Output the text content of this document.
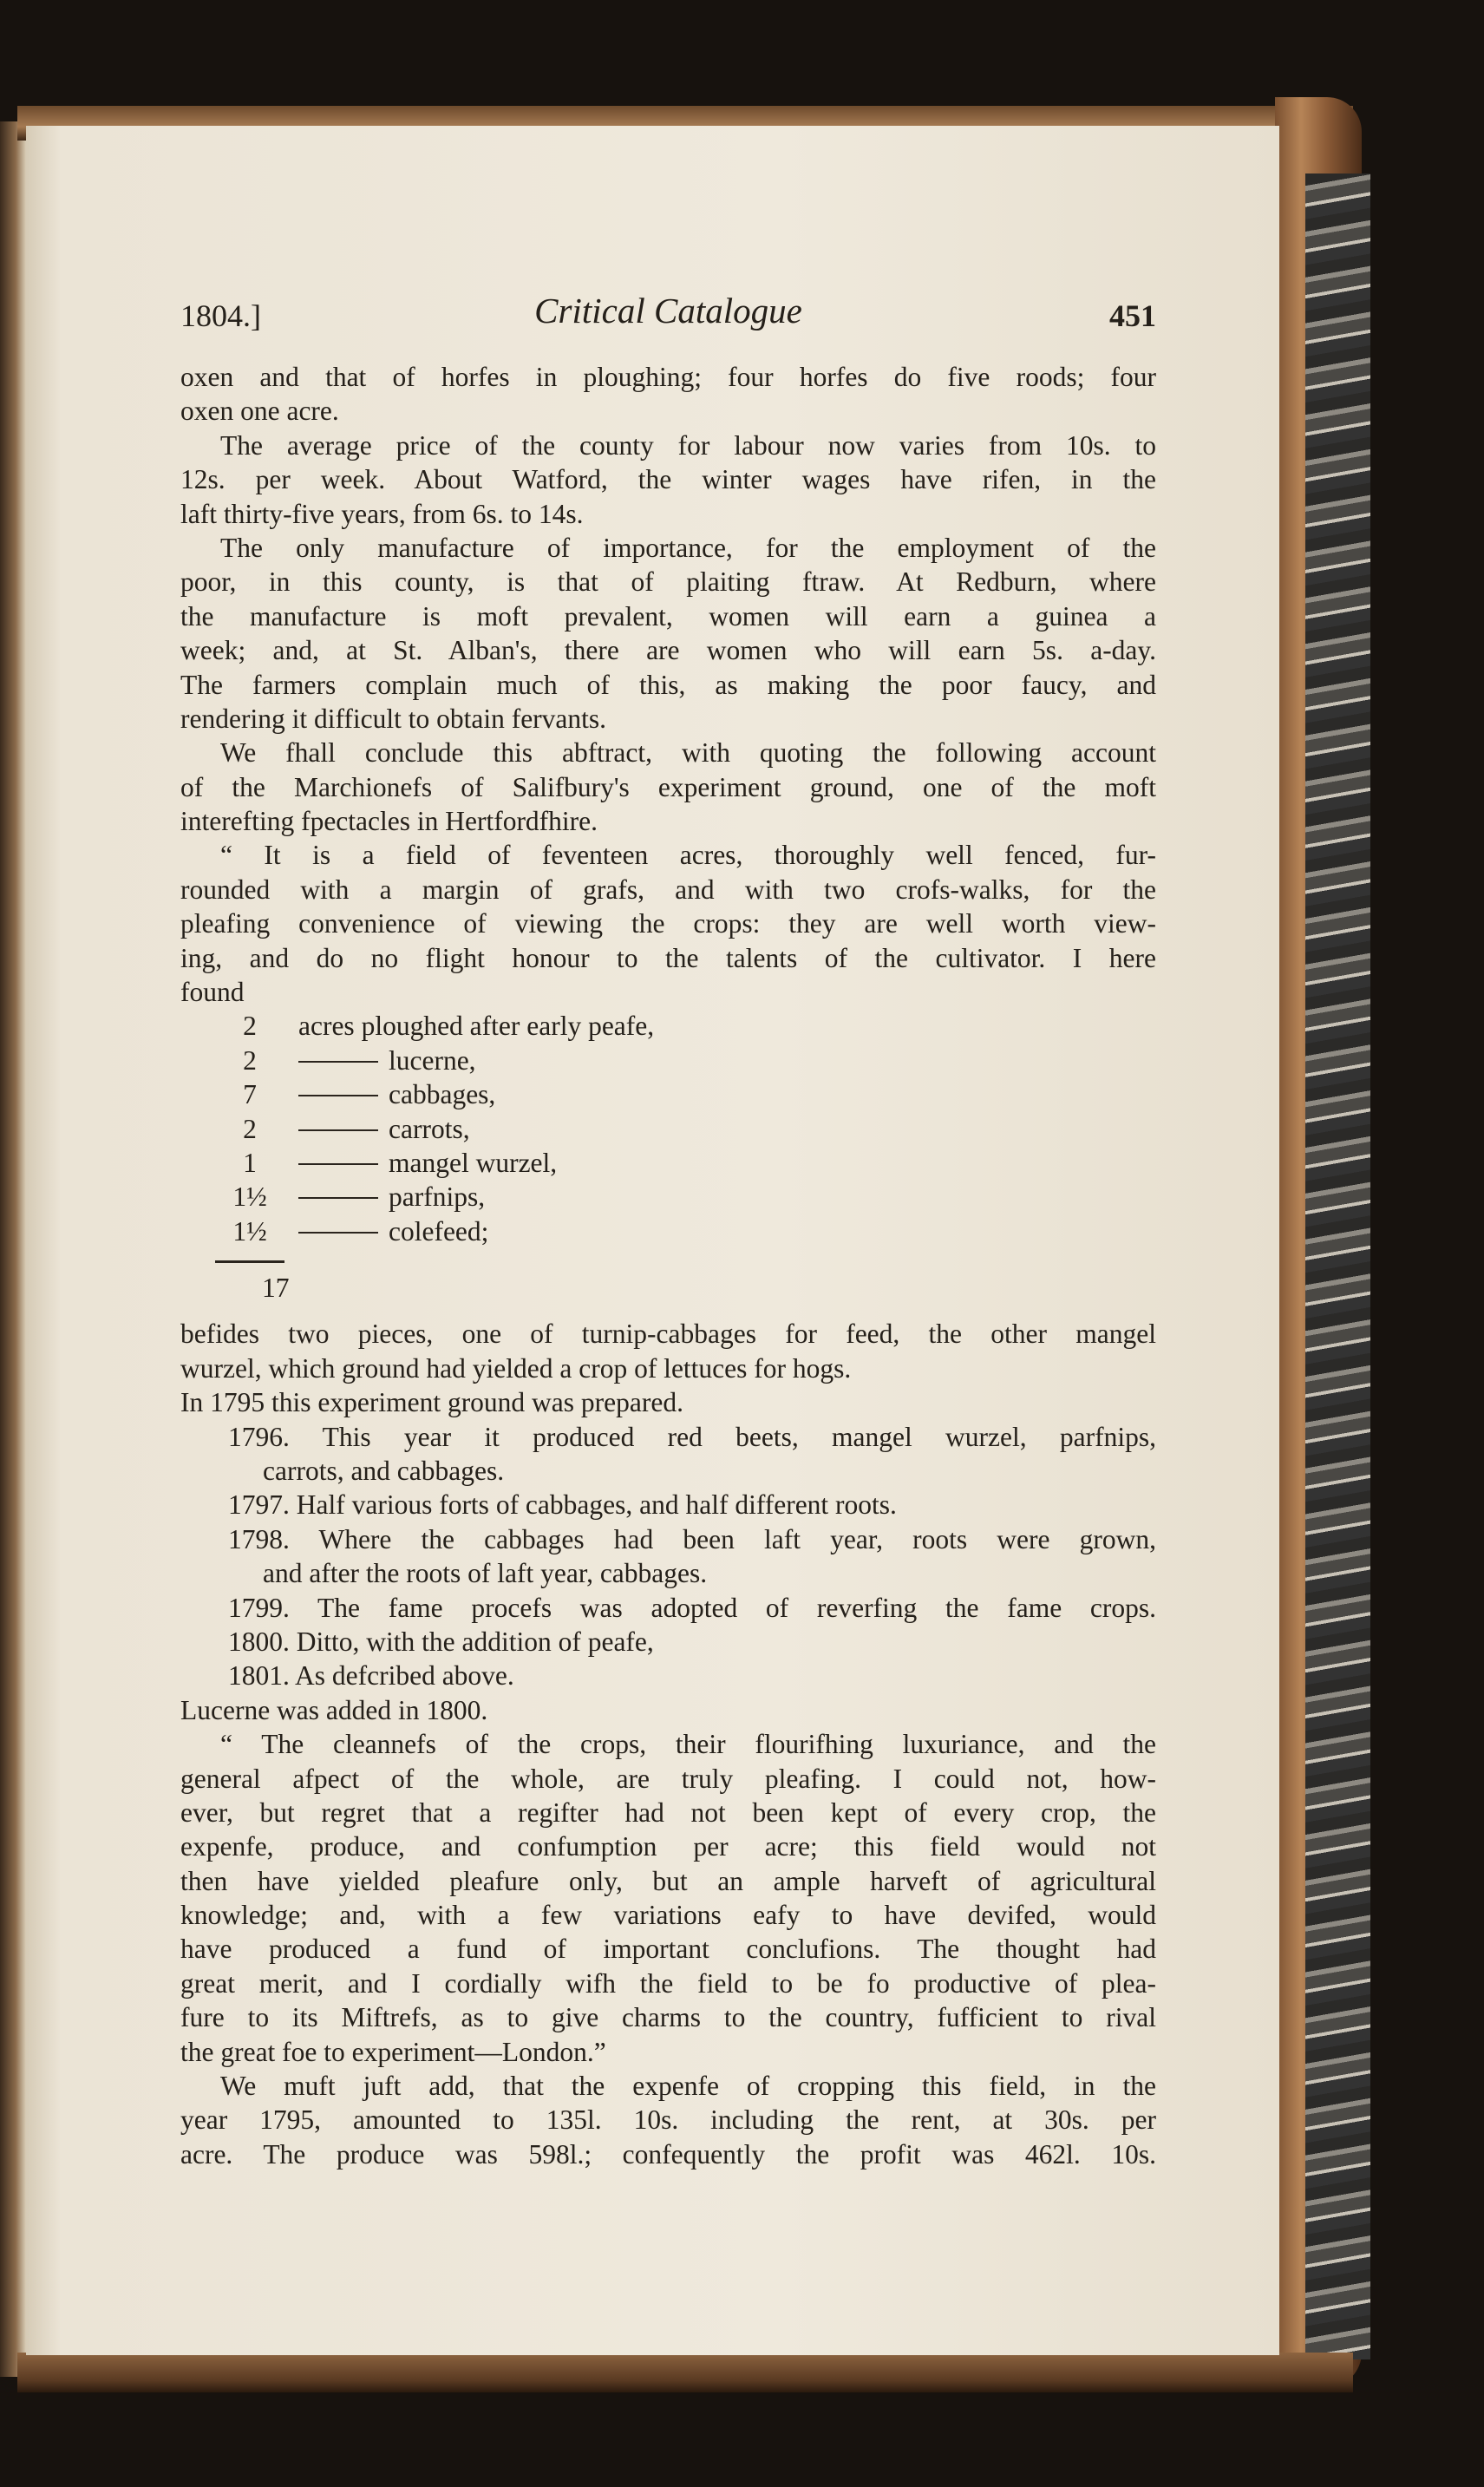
1804.]	Critical Catalogue	451

oxen and that of horfes in ploughing; four horfes do five roods; four

oxen one acre.

The average price of the county for labour now varies from 10s. to

12s. per week. About Watford, the winter wages have rifen, in the

laft thirty-five years, from 6s. to 14s.

The only manufacture of importance, for the employment of the

poor, in this county, is that of plaiting ftraw. At Redburn, where

the manufacture is moft prevalent, women will earn a guinea a

week; and, at St. Alban's, there are women who will earn 5s. a-day.

The farmers complain much of this, as making the poor faucy, and

rendering it difficult to obtain fervants.

We fhall conclude this abftract, with quoting the following account

of the Marchionefs of Salifbury's experiment ground, one of the moft

interefting fpectacles in Hertfordfhire.

“ It is a field of feventeen acres, thoroughly well fenced, fur-

rounded with a margin of grafs, and with two crofs-walks, for the

pleafing convenience of viewing the crops: they are well worth view-

ing, and do no flight honour to the talents of the cultivator. I here

found

2	acres ploughed after early peafe,
2	lucerne,
7	cabbages,
2	carrots,
1	mangel wurzel,
1½	parfnips,
1½	colefeed;
17

befides two pieces, one of turnip-cabbages for feed, the other mangel

wurzel, which ground had yielded a crop of lettuces for hogs.

In 1795 this experiment ground was prepared.

1796. This year it produced red beets, mangel wurzel, parfnips,

carrots, and cabbages.

1797. Half various forts of cabbages, and half different roots.

1798. Where the cabbages had been laft year, roots were grown,

and after the roots of laft year, cabbages.

1799. The fame procefs was adopted of reverfing the fame crops.

1800. Ditto, with the addition of peafe,

1801. As defcribed above.

Lucerne was added in 1800.

“ The cleannefs of the crops, their flourifhing luxuriance, and the

general afpect of the whole, are truly pleafing. I could not, how-

ever, but regret that a regifter had not been kept of every crop, the

expenfe, produce, and confumption per acre; this field would not

then have yielded pleafure only, but an ample harveft of agricultural

knowledge; and, with a few variations eafy to have devifed, would

have produced a fund of important conclufions. The thought had

great merit, and I cordially wifh the field to be fo productive of plea-

fure to its Miftrefs, as to give charms to the country, fufficient to rival

the great foe to experiment—London.”

We muft juft add, that the expenfe of cropping this field, in the

year 1795, amounted to 135l. 10s. including the rent, at 30s. per

acre. The produce was 598l.; confequently the profit was 462l. 10s.
